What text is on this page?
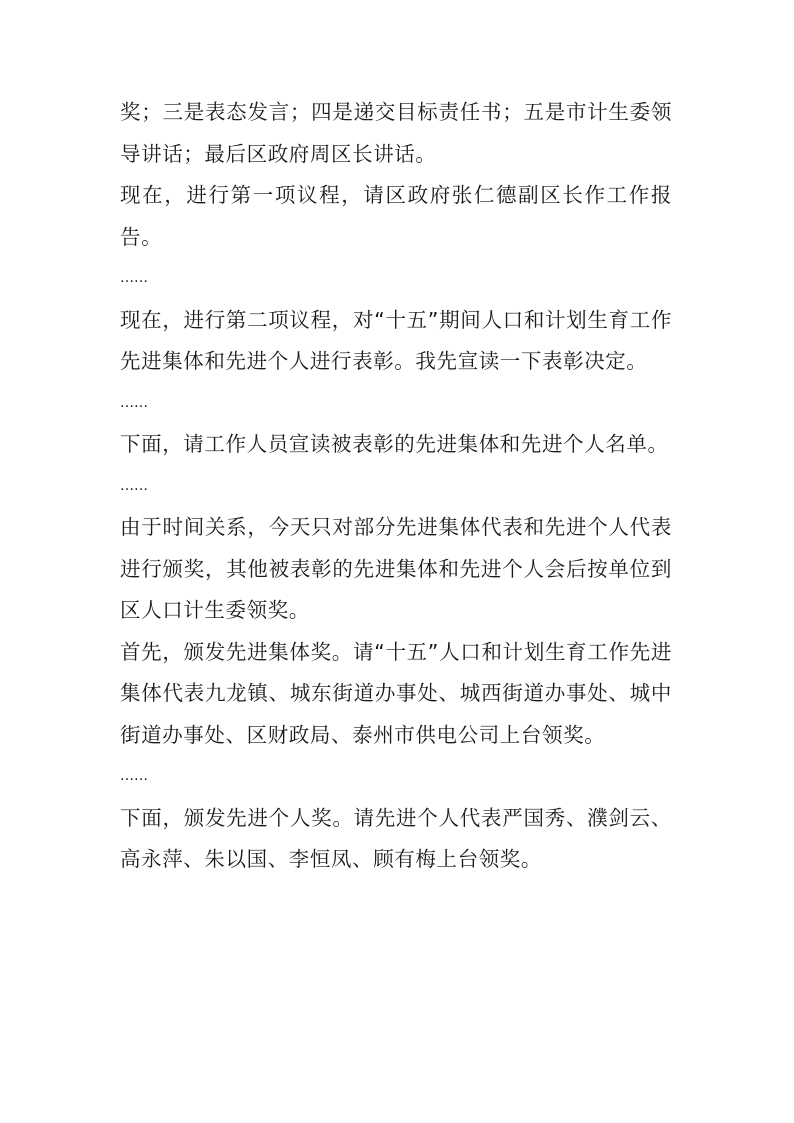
奖；三是表态发言；四是递交目标责任书；五是市计生委领导讲话；最后区政府周区长讲话。

现在，进行第一项议程，请区政府张仁德副区长作工作报告。

……

现在，进行第二项议程，对“十五”期间人口和计划生育工作先进集体和先进个人进行表彰。我先宣读一下表彰决定。

……

下面，请工作人员宣读被表彰的先进集体和先进个人名单。

……

由于时间关系，今天只对部分先进集体代表和先进个人代表进行颁奖，其他被表彰的先进集体和先进个人会后按单位到区人口计生委领奖。

首先，颁发先进集体奖。请“十五”人口和计划生育工作先进集体代表九龙镇、城东街道办事处、城西街道办事处、城中街道办事处、区财政局、泰州市供电公司上台领奖。

……

下面，颁发先进个人奖。请先进个人代表严国秀、濮剑云、高永萍、朱以国、李恒凤、顾有梅上台领奖。
